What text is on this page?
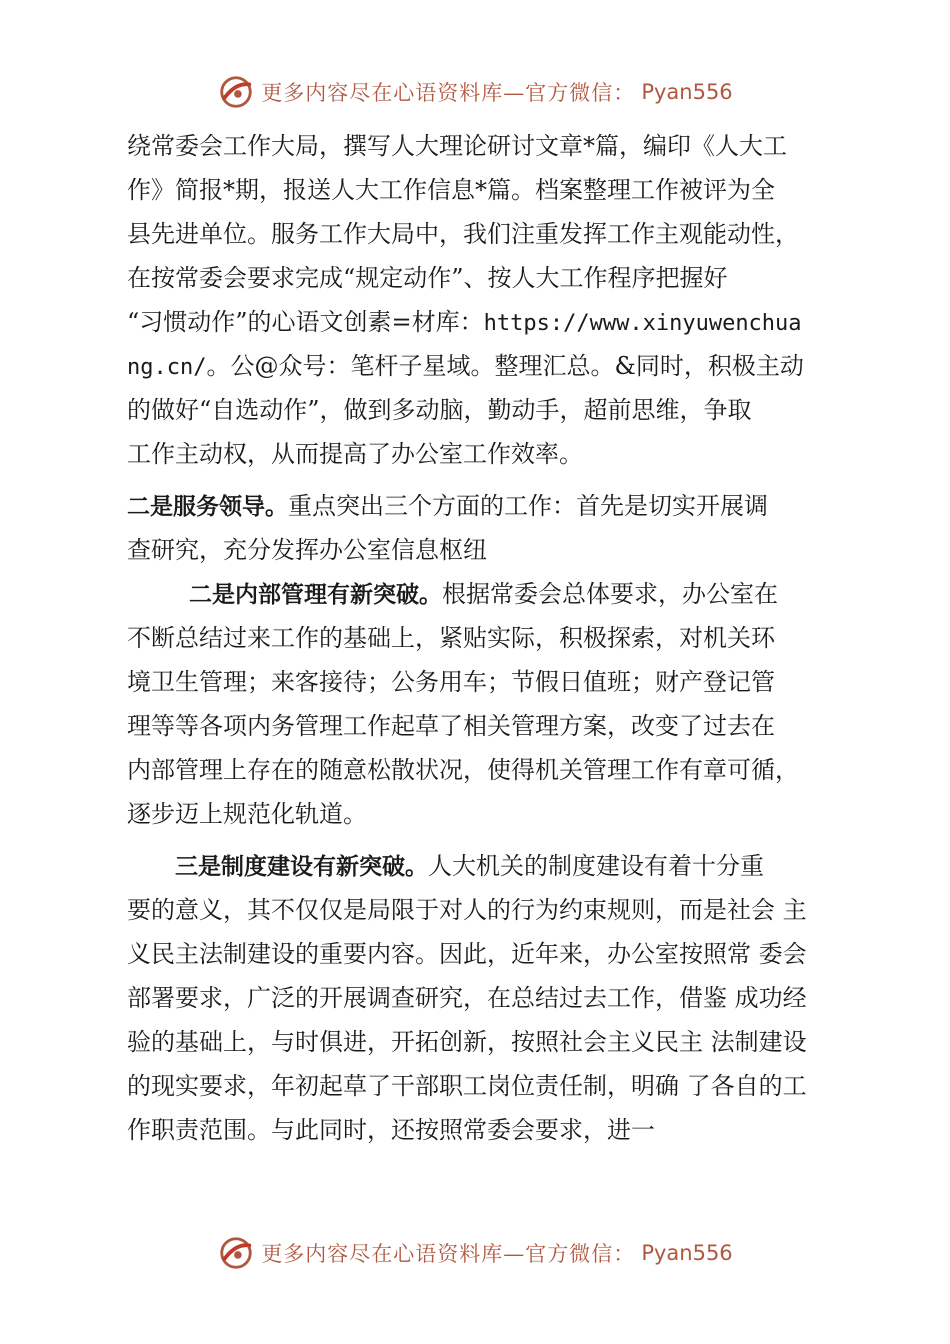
更多内容尽在心语资料库—官方微信： Pyan556
绕常委会工作大局，撰写人大理论研讨文章*篇，编印《人大工
作》简报*期，报送人大工作信息*篇。档案整理工作被评为全
县先进单位。服务工作大局中，我们注重发挥工作主观能动性，
在按常委会要求完成“规定动作”、按人大工作程序把握好
“习惯动作”的心语文创素=材库：https://www.xinyuwenchua
ng.cn/。公@众号：笔杆子星域。整理汇总。&同时，积极主动
的做好“自选动作”，做到多动脑，勤动手，超前思维，争取
工作主动权，从而提高了办公室工作效率。
二是服务领导。重点突出三个方面的工作：首先是切实开展调
查研究，充分发挥办公室信息枢纽
二是内部管理有新突破。根据常委会总体要求，办公室在
不断总结过来工作的基础上，紧贴实际，积极探索，对机关环
境卫生管理；来客接待；公务用车；节假日值班；财产登记管
理等等各项内务管理工作起草了相关管理方案，改变了过去在
内部管理上存在的随意松散状况，使得机关管理工作有章可循，
逐步迈上规范化轨道。
三是制度建设有新突破。人大机关的制度建设有着十分重
要的意义，其不仅仅是局限于对人的行为约束规则，而是社会 主
义民主法制建设的重要内容。因此，近年来，办公室按照常 委会
部署要求，广泛的开展调查研究，在总结过去工作，借鉴 成功经
验的基础上，与时俱进，开拓创新，按照社会主义民主 法制建设
的现实要求，年初起草了干部职工岗位责任制，明确 了各自的工
作职责范围。与此同时，还按照常委会要求，进一
更多内容尽在心语资料库—官方微信： Pyan556
